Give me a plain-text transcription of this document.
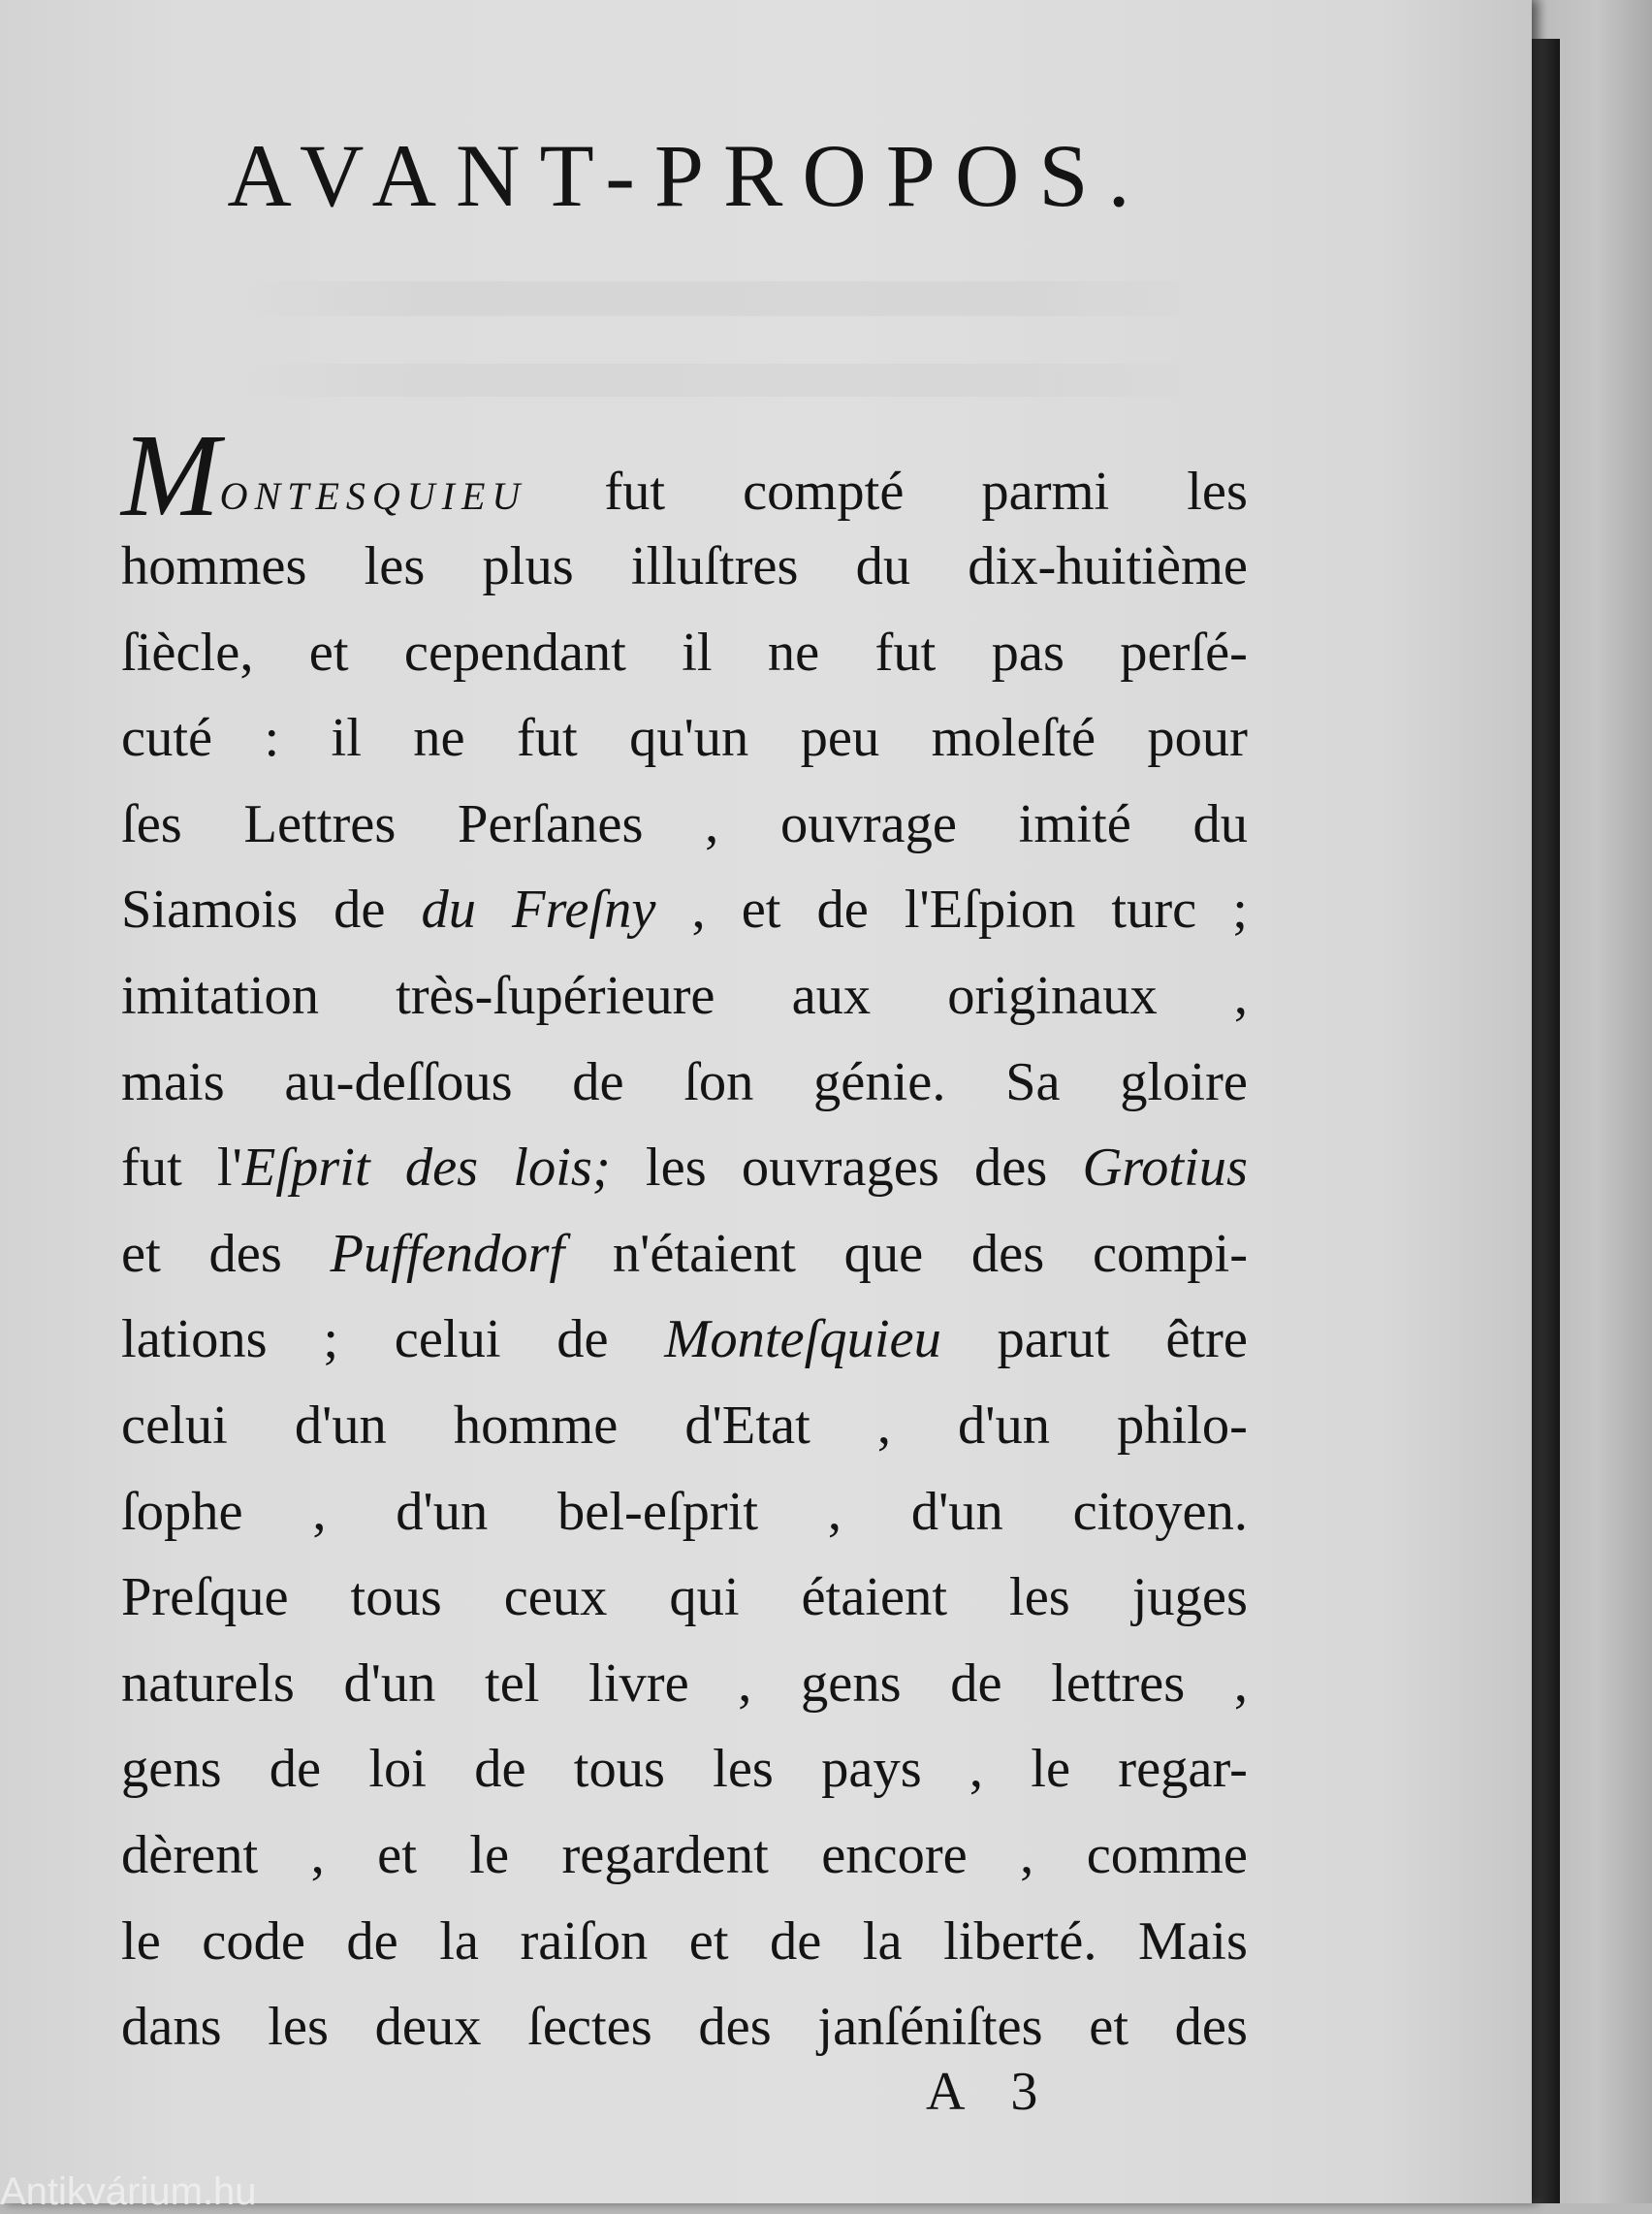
AVANT-PROPOS.
MONTESQUIEU fut compté parmi les
hommes les plus illuſtres du dix-huitième
ſiècle, et cependant il ne fut pas perſé-
cuté : il ne fut qu'un peu moleſté pour
ſes Lettres Perſanes , ouvrage imité du
Siamois de du Freſny , et de l'Eſpion turc ;
imitation très-ſupérieure aux originaux ,
mais au-deſſous de ſon génie. Sa gloire
fut l'Eſprit des lois; les ouvrages des Grotius
et des Puffendorf n'étaient que des compi-
lations ; celui de Monteſquieu parut être
celui d'un homme d'Etat , d'un philo-
ſophe , d'un bel-eſprit , d'un citoyen.
Preſque tous ceux qui étaient les juges
naturels d'un tel livre , gens de lettres ,
gens de loi de tous les pays , le regar-
dèrent , et le regardent encore , comme
le code de la raiſon et de la liberté. Mais
dans les deux ſectes des janſéniſtes et des
A 3
Antikvárium.hu
